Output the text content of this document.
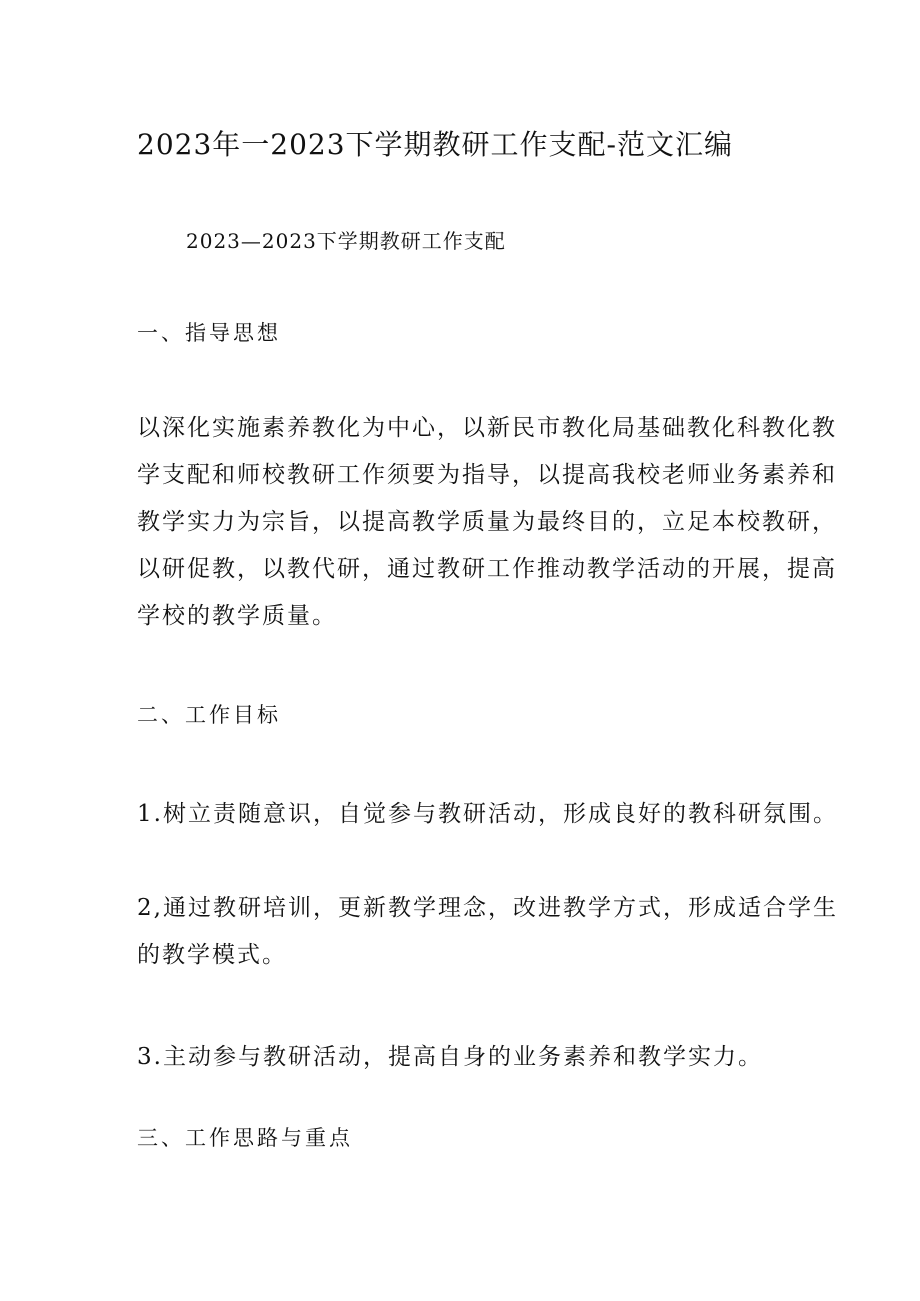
2023年一2023下学期教研工作支配-范文汇编
2023—2023下学期教研工作支配
一、指导思想
以深化实施素养教化为中心，以新民市教化局基础教化科教化教
学支配和师校教研工作须要为指导，以提高我校老师业务素养和
教学实力为宗旨，以提高教学质量为最终目的，立足本校教研，
以研促教，以教代研，通过教研工作推动教学活动的开展，提高
学校的教学质量。
二、工作目标
1.树立责随意识，自觉参与教研活动，形成良好的教科研氛围。
2,通过教研培训，更新教学理念，改进教学方式，形成适合学生
的教学模式。
3.主动参与教研活动，提高自身的业务素养和教学实力。
三、工作思路与重点
